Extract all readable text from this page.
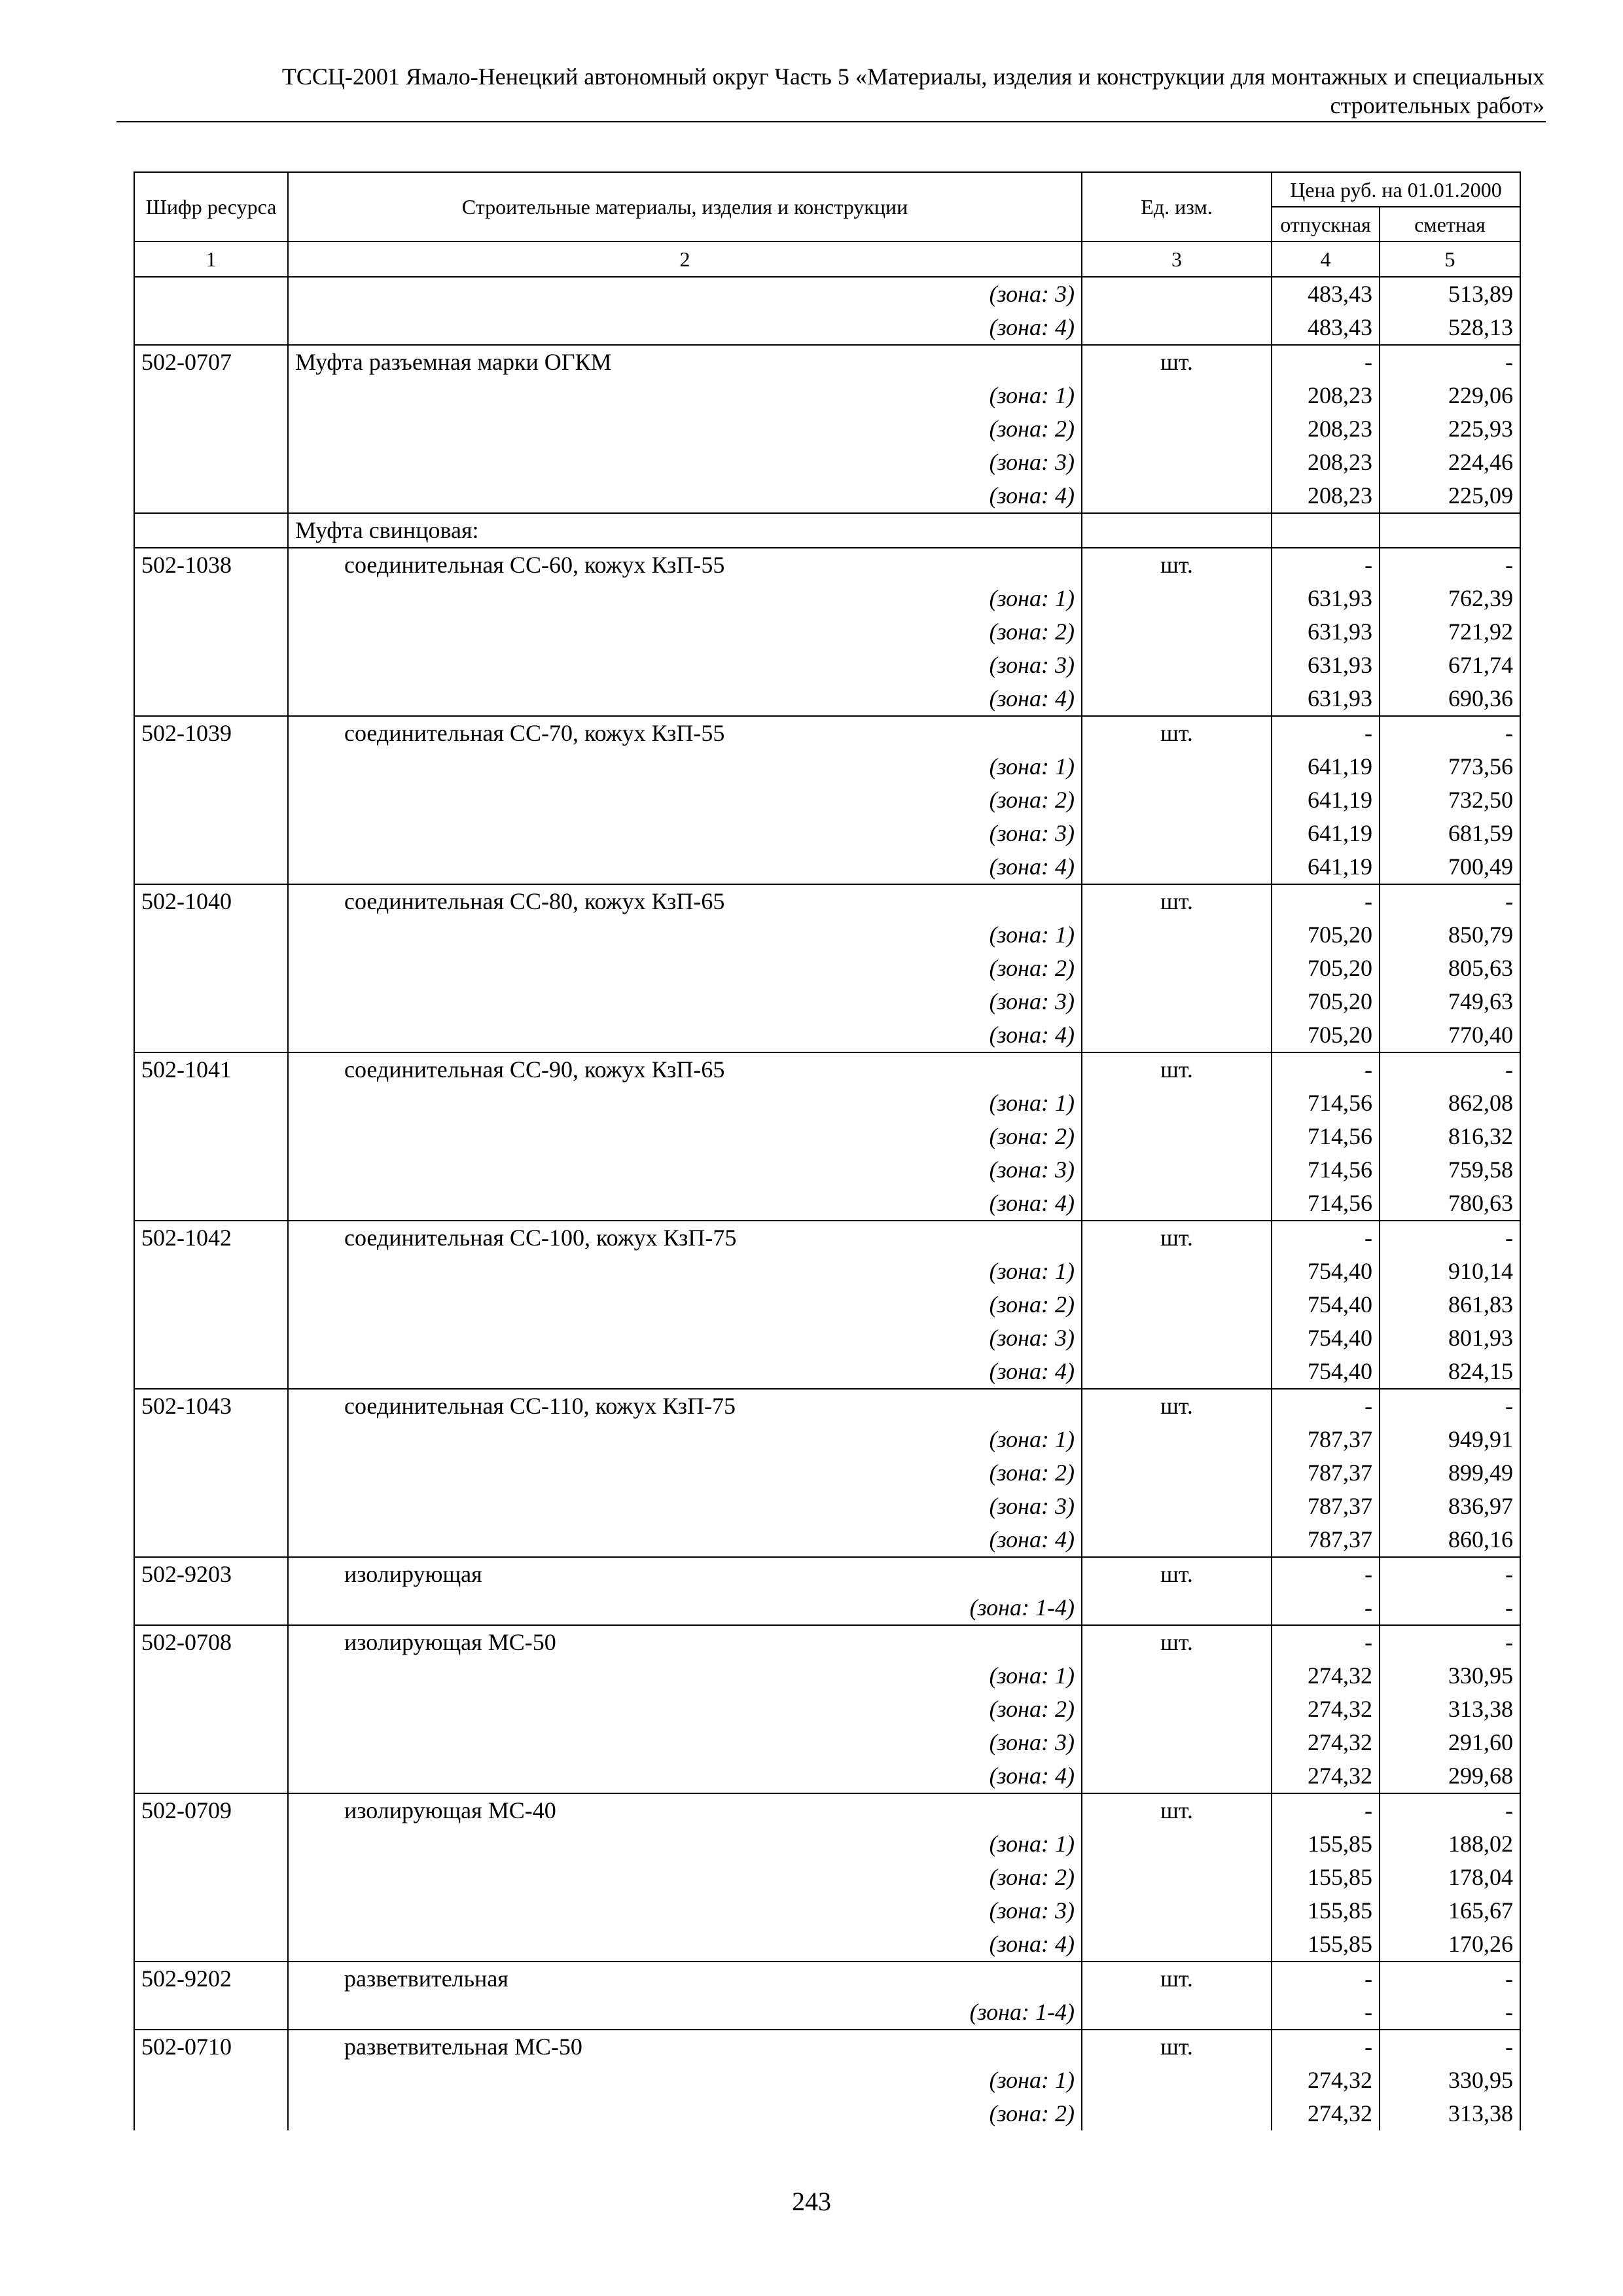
ТССЦ-2001 Ямало-Ненецкий автономный округ Часть 5 «Материалы, изделия и конструкции для монтажных и специальных
строительных работ»
Шифр ресурса	Строительные материалы, изделия и конструкции	Ед. изм.	Цена руб. на 01.01.2000	
			отпускная	сметная
1	2	3	4	5
	(зона: 3)		483,43	513,89
	(зона: 4)		483,43	528,13
502-0707	Муфта разъемная марки ОГКМ	шт.	-	-
	(зона: 1)		208,23	229,06
	(зона: 2)		208,23	225,93
	(зона: 3)		208,23	224,46
	(зона: 4)		208,23	225,09
	Муфта свинцовая:			
502-1038	соединительная СС-60, кожух КзП-55	шт.	-	-
	(зона: 1)		631,93	762,39
	(зона: 2)		631,93	721,92
	(зона: 3)		631,93	671,74
	(зона: 4)		631,93	690,36
502-1039	соединительная СС-70, кожух КзП-55	шт.	-	-
	(зона: 1)		641,19	773,56
	(зона: 2)		641,19	732,50
	(зона: 3)		641,19	681,59
	(зона: 4)		641,19	700,49
502-1040	соединительная СС-80, кожух КзП-65	шт.	-	-
	(зона: 1)		705,20	850,79
	(зона: 2)		705,20	805,63
	(зона: 3)		705,20	749,63
	(зона: 4)		705,20	770,40
502-1041	соединительная СС-90, кожух КзП-65	шт.	-	-
	(зона: 1)		714,56	862,08
	(зона: 2)		714,56	816,32
	(зона: 3)		714,56	759,58
	(зона: 4)		714,56	780,63
502-1042	соединительная СС-100, кожух КзП-75	шт.	-	-
	(зона: 1)		754,40	910,14
	(зона: 2)		754,40	861,83
	(зона: 3)		754,40	801,93
	(зона: 4)		754,40	824,15
502-1043	соединительная СС-110, кожух КзП-75	шт.	-	-
	(зона: 1)		787,37	949,91
	(зона: 2)		787,37	899,49
	(зона: 3)		787,37	836,97
	(зона: 4)		787,37	860,16
502-9203	изолирующая	шт.	-	-
	(зона: 1-4)		-	-
502-0708	изолирующая МС-50	шт.	-	-
	(зона: 1)		274,32	330,95
	(зона: 2)		274,32	313,38
	(зона: 3)		274,32	291,60
	(зона: 4)		274,32	299,68
502-0709	изолирующая МС-40	шт.	-	-
	(зона: 1)		155,85	188,02
	(зона: 2)		155,85	178,04
	(зона: 3)		155,85	165,67
	(зона: 4)		155,85	170,26
502-9202	разветвительная	шт.	-	-
	(зона: 1-4)		-	-
502-0710	разветвительная МС-50	шт.	-	-
	(зона: 1)		274,32	330,95
	(зона: 2)		274,32	313,38
243
